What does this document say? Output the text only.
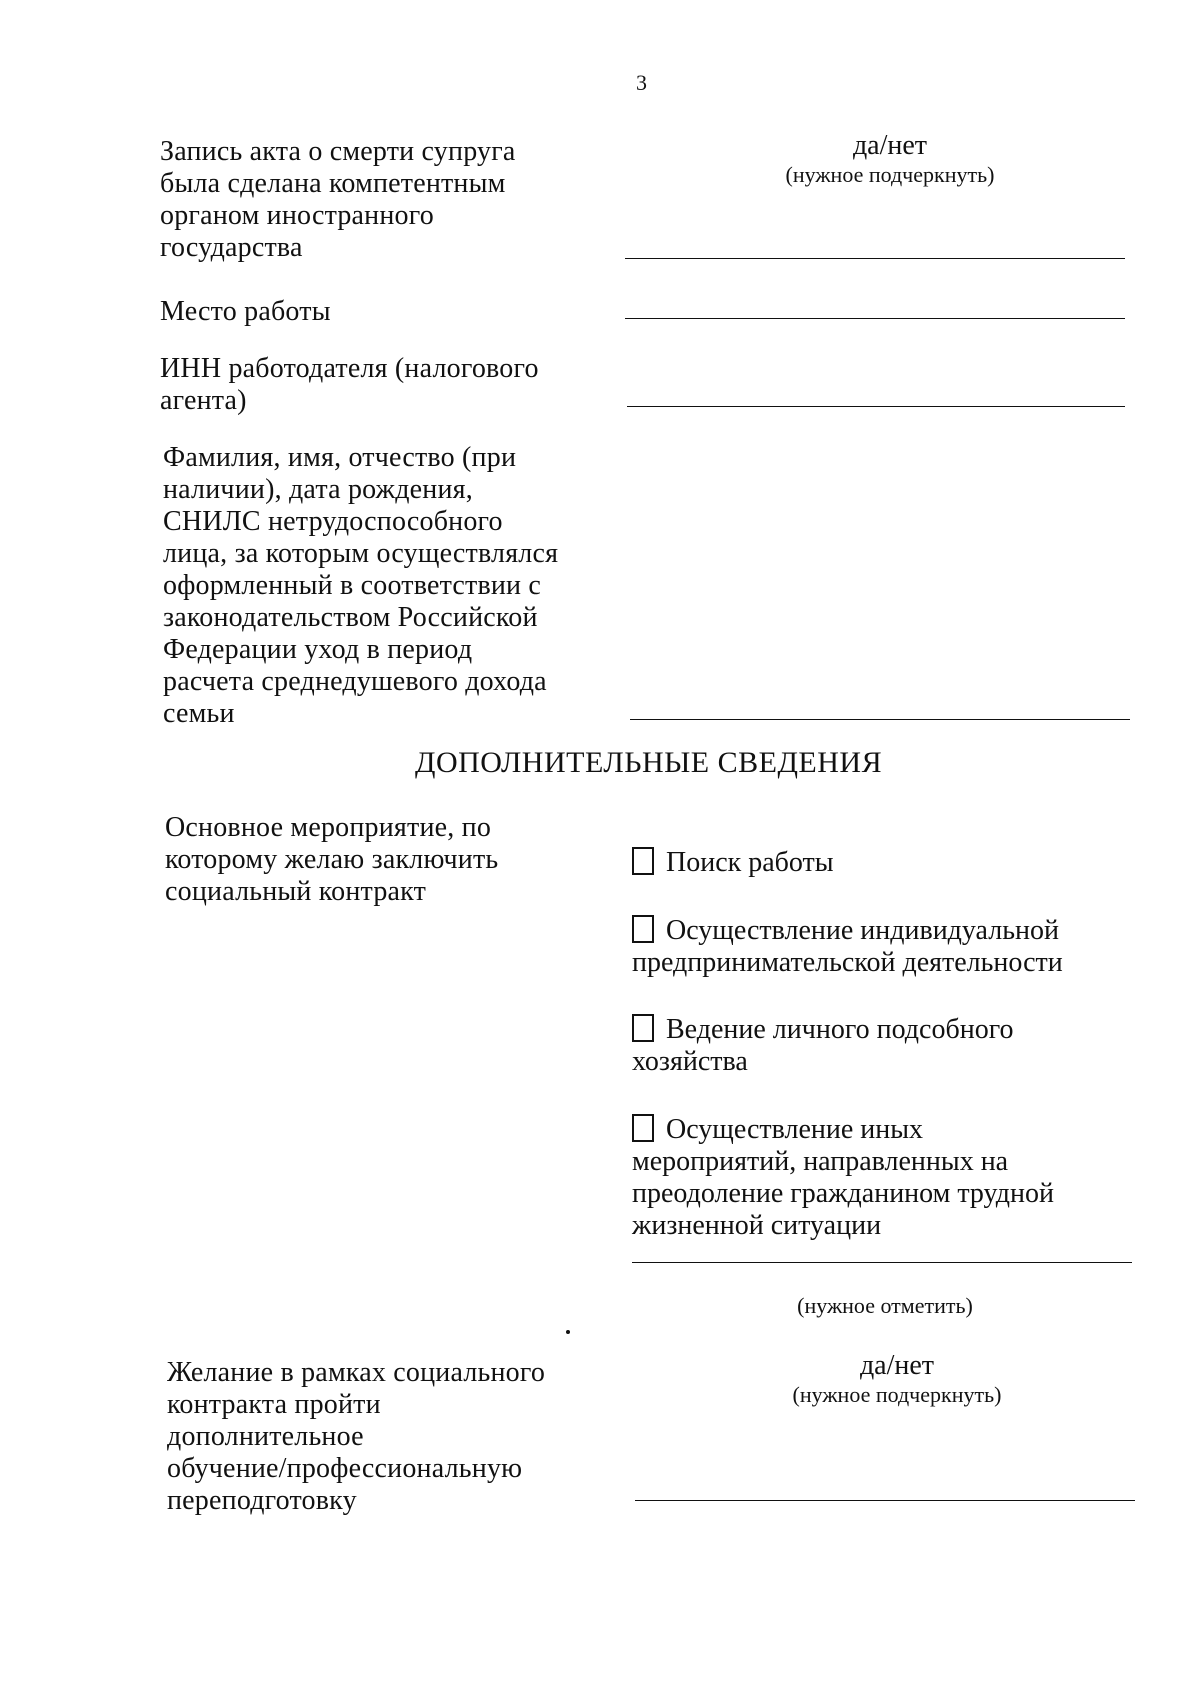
3
Запись акта о смерти супруга
была сделана компетентным
органом иностранного
государства
да/нет
(нужное подчеркнуть)
Место работы
ИНН работодателя (налогового
агента)
Фамилия, имя, отчество (при
наличии), дата рождения,
СНИЛС нетрудоспособного
лица, за которым осуществлялся
оформленный в соответствии с
законодательством Российской
Федерации уход в период
расчета среднедушевого дохода
семьи
ДОПОЛНИТЕЛЬНЫЕ СВЕДЕНИЯ
Основное мероприятие, по
которому желаю заключить
социальный контракт

Поиск работы

Осуществление индивидуальной
предпринимательской деятельности

Ведение личного подсобного
хозяйства

Осуществление иных
мероприятий, направленных на
преодоление гражданином трудной
жизненной ситуации

(нужное отметить)
Желание в рамках социального
контракта пройти
дополнительное
обучение/профессиональную
переподготовку
да/нет
(нужное подчеркнуть)
